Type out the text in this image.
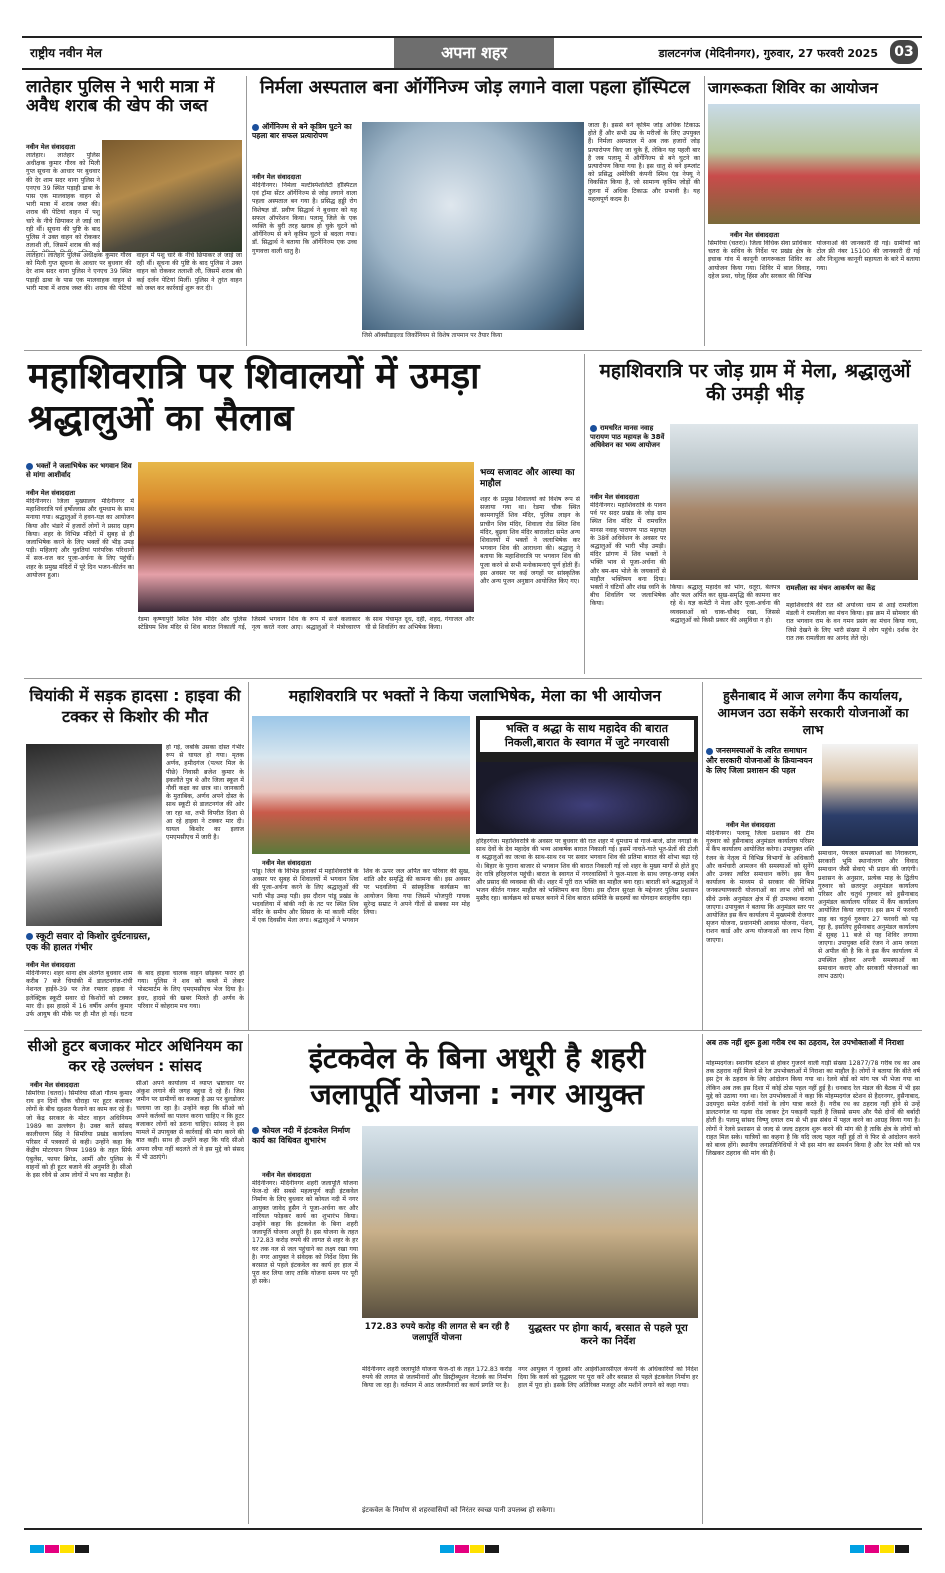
राष्ट्रीय नवीन मेल	अपना शहर	डालटनगंज (मेदिनीनगर), गुरुवार, 27 फरवरी 2025	03
लातेहार पुलिस ने भारी मात्रा में अवैध शराब की खेप की जब्त
नवीन मेल संवाददाता
लातेहार। लातेहार पुलिस अधीक्षक कुमार गौरव को मिली गुप्त सूचना के आधार पर बुधवार की देर शाम सदर थाना पुलिस ने एनएच 39 स्थित पड़ाही ढाबा के पास एक मालवाहक वाहन से भारी मात्रा में शराब जब्त की। शराब की पेटियां वाहन में पशु चारे के नीचे छिपाकर ले जाई जा रही थीं। सूचना की पुष्टि के बाद पुलिस ने उक्त वाहन को रोककर तलाशी ली, जिसमें शराब की कई
लातेहार। लातेहार पुलिस अधीक्षक कुमार गौरव को मिली गुप्त सूचना के आधार पर बुधवार की देर शाम सदर थाना पुलिस ने एनएच 39 स्थित पड़ाही ढाबा के पास एक मालवाहक वाहन से भारी मात्रा में शराब जब्त की। शराब की पेटियां वाहन में पशु चारे के नीचे छिपाकर ले जाई जा रही थीं। सूचना की पुष्टि के बाद पुलिस ने उक्त वाहन को रोककर तलाशी ली, जिसमें शराब की कई दर्जन पेटियां मिलीं। पुलिस ने तुरंत वाहन को जब्त कर कार्रवाई शुरू कर दी।
निर्मला अस्पताल बना ऑर्गेनिज्म जोड़ लगाने वाला पहला हॉस्पिटल
ऑर्गेनिज्म से बने कृत्रिम घुटने का पहला बार सफल प्रत्यारोपण
नवीन मेल संवाददाता
मेदिनीनगर। निर्मला मल्टीस्पेशलिटी हॉस्पिटल एवं ट्रॉमा सेंटर ऑर्गेनिज्म से जोड़ लगाने वाला पहला अस्पताल बन गया है। प्रसिद्ध हड्डी रोग विशेषज्ञ डॉ. प्रवीण सिद्धार्थ ने बुधवार को यह सफल ऑपरेशन किया। पलामू जिले के एक व्यक्ति के बुरी तरह खराब हो चुके घुटने को ऑर्गेनिज्म से बने कृत्रिम घुटने से बदला गया। डॉ. सिद्धार्थ ने बताया कि ऑर्गेनिज्म एक उच्च गुणवत्ता वाली धातु है।
जिसे ऑक्सीडाइज्ड जिर्कोनियम से विशेष तापमान पर तैयार किया
जाता है। इससे बने कृत्रिम जोड़ अधिक टिकाऊ होते हैं और सभी उम्र के मरीजों के लिए उपयुक्त हैं। निर्मला अस्पताल में अब तक हजारों जोड़ प्रत्यारोपण किए जा चुके हैं, लेकिन यह पहली बार है जब पलामू में ऑर्गेनिज्म से बने घुटने का प्रत्यारोपण किया गया है। इस धातु से बने इम्प्लांट को प्रसिद्ध अमेरिकी कंपनी स्मिथ एंड नेफ्यू ने विकसित किया है, जो सामान्य कृत्रिम जोड़ों की तुलना में अधिक टिकाऊ और प्रभावी है। यह महत्वपूर्ण कदम है।
जागरूकता शिविर का आयोजन
नवीन मेल संवाददाता
सिमरिया (चतरा)। जिला विधिक सेवा प्राधिकार चतरा के सचिव के निर्देश पर प्रखंड क्षेत्र के इचाक गांव में कानूनी जागरूकता शिविर का आयोजन किया गया। शिविर में बाल विवाह, दहेज प्रथा, घरेलू हिंसा और सरकार की विभिन्न योजनाओं की जानकारी दी गई। ग्रामीणों को टोल फ्री नंबर 15100 की जानकारी दी गई और निःशुल्क कानूनी सहायता के बारे में बताया गया।
महाशिवरात्रि पर शिवालयों में उमड़ा श्रद्धालुओं का सैलाब
भक्तों ने जलाभिषेक कर भगवान शिव से मांगा आशीर्वाद
नवीन मेल संवाददाता
मेदिनीनगर। जिला मुख्यालय मेदिनीनगर में महाशिवरात्रि पर्व हर्षोल्लास और धूमधाम के साथ मनाया गया। श्रद्धालुओं ने हवन-यज्ञ का आयोजन किया और भंडारे में हजारों लोगों ने प्रसाद ग्रहण किया। शहर के विभिन्न मंदिरों में सुबह से ही जलाभिषेक करने के लिए भक्तों की भीड़ उमड़ पड़ी। महिलाएं और युवतियां पारंपरिक परिधानों में सज-धज कर पूजा-अर्चना के लिए पहुंचीं। शहर के प्रमुख मंदिरों में पूरे दिन भजन-कीर्तन का आयोजन हुआ।
रेडमा कृष्णापुरी स्थित शिव मंदिर और पुलिस स्टेडियम शिव मंदिर से शिव बारात निकाली गई, जिसमें भगवान शिव के रूप में सजे कलाकार नृत्य करते नजर आए। श्रद्धालुओं ने मंत्रोच्चारण के साथ पंचामृत दूध, दही, शहद, गंगाजल और घी से शिवलिंग का अभिषेक किया।
भव्य सजावट और आस्था का माहौल
शहर के प्रमुख शिवालयों को विशेष रूप से सजाया गया था। रेडमा चौक स्थित कामनापूर्ति शिव मंदिर, पुलिस लाइन के प्राचीन शिव मंदिर, शिवाला रोड स्थित शिव मंदिर, बुढ़वा शिव मंदिर बारालोटा समेत अन्य शिवालयों में भक्तों ने जलाभिषेक कर भगवान शिव की आराधना की। श्रद्धालु ने बताया कि महाशिवरात्रि पर भगवान शिव की पूजा करने से सभी मनोकामनाएं पूर्ण होती हैं। इस अवसर पर कई जगहों पर सांस्कृतिक और अन्य पूजन अनुष्ठान आयोजित किए गए।
महाशिवरात्रि पर जोड़ ग्राम में मेला, श्रद्धालुओं की उमड़ी भीड़
रामचरित मानस नवाह पारायण पाठ महायज्ञ के 38वें अधिवेशन का भव्य आयोजन
नवीन मेल संवाददाता
मेदिनीनगर। महाशिवरात्रि के पावन पर्व पर सदर प्रखंड के जोड़ ग्राम स्थित शिव मंदिर में रामचरित मानस नवाह पारायण पाठ महायज्ञ के 38वें अधिवेशन के अवसर पर श्रद्धालुओं की भारी भीड़ उमड़ी। मंदिर प्रांगण में शिव भक्तों ने भक्ति भाव से पूजा-अर्चना की और बम-बम भोले के जयकारों से माहौल भक्तिमय बना दिया। भक्तों ने घंटियों और शंख ध्वनि के बीच शिवलिंग पर जलाभिषेक किया।
किया। श्रद्धालु महादेव को भांग, धतूरा, बेलपत्र और फल अर्पित कर सुख-समृद्धि की कामना कर रहे थे। यज्ञ कमेटी ने मेला और पूजा-अर्चना की व्यवस्थाओं को चाक-चौबंद रखा, जिससे श्रद्धालुओं को किसी प्रकार की असुविधा न हो।
रामलीला का मंचन आकर्षण का केंद्र
महाशिवरात्रि की रात श्री अयोध्या धाम से आई रामलीला मंडली ने रामलीला का मंचन किया। इस क्रम में सोमवार की रात भगवान राम के वन गमन प्रसंग का मंचन किया गया, जिसे देखने के लिए भारी संख्या में लोग पहुंचे। दर्शक देर रात तक रामलीला का आनंद लेते रहे।
चियांकी में सड़क हादसा : हाइवा की टक्कर से किशोर की मौत
हो गई, जबकि उसका दोस्त गंभीर रूप से घायल हो गया। मृतक अर्णव, हमीदगंज (पत्थर मिल के पीछे) निवासी ब्रजेश कुमार के इकलौते पुत्र थे और जिला स्कूल में नौवीं कक्षा का छात्र था। जानकारी के मुताबिक, अर्णव अपने दोस्त के साथ स्कूटी से डालटनगंज की ओर जा रहा था, तभी विपरीत दिशा से आ रहे हाइवा ने टक्कर मार दी। घायल किशोर का इलाज एमएमसीएच में जारी है।
स्कूटी सवार दो किशोर दुर्घटनाग्रस्त, एक की हालत गंभीर
नवीन मेल संवाददाता
मेदिनीनगर। शहर थाना क्षेत्र अंतर्गत बुधवार शाम करीब 7 बजे चियांकी में डालटनगंज-रांची नेशनल हाईवे-39 पर तेज रफ्तार हाइवा ने इलेक्ट्रिक स्कूटी सवार दो किशोरों को टक्कर मार दी। इस हादसे में 16 वर्षीय अर्णव कुमार उर्फ आयुष की मौके पर ही मौत हो गई। घटना के बाद हाइवा चालक वाहन छोड़कर फरार हो गया। पुलिस ने शव को कब्जे में लेकर पोस्टमार्टम के लिए एमएमसीएच भेज दिया है। इधर, हादसे की खबर मिलते ही अर्णव के परिवार में कोहराम मच गया।
महाशिवरात्रि पर भक्तों ने किया जलाभिषेक, मेला का भी आयोजन
नवीन मेल संवाददाता
पांडू। जिले के विभिन्न इलाकों में महाशिवरात्रि के अवसर पर सुबह से शिवालयों में भगवान शिव की पूजा-अर्चना करने के लिए श्रद्धालुओं की भारी भीड़ उमड़ पड़ी। इस दौरान पांडू प्रखंड के भदवलिया में बांकी नदी के तट पर स्थित शिव मंदिर के समीप और सिसरा के मां काली मंदिर में एक दिवसीय मेला लगा। श्रद्धालुओं ने भगवान शिव के ऊपर जल अर्पित कर परिवार की सुख, शांति और समृद्धि की कामना की। इस अवसर पर भदवलिया में सांस्कृतिक कार्यक्रम का आयोजन किया गया जिसमें भोजपुरी गायक सुरेन्द्र सम्राट ने अपने गीतों से सबका मन मोह लिया।
भक्ति व श्रद्धा के साथ महादेव की बारात निकली,बारात के स्वागत में जुटे नगरवासी
हरिहरगंज। महाशिवरात्रि के अवसर पर बुधवार की रात शहर में धूमधाम से गाजे-बाजे, ढोल नगाड़ों के साथ देवों के देव महादेव की भव्य आकर्षक बारात निकाली गई। इसमें नाचते-गाते भूत-प्रेतों की टोली व श्रद्धालुओं का जत्था के साथ-साथ रथ पर सवार भगवान शिव की प्रतिमा बारात की शोभा बढ़ा रहे थे। बिहार के पुराना बाजार से भगवान शिव की बारात निकाली गई जो शहर के मुख्य मार्गों से होते हुए देर रात्रि हरिहरगंज पहुंची। बारात के स्वागत में नगरवासियों ने फूल-माला के साथ जगह-जगह शर्बत और प्रसाद की व्यवस्था की थी। शहर में पूरी रात भक्ति का माहौल बना रहा। बाराती बने श्रद्धालुओं ने भजन कीर्तन गाकर माहौल को भक्तिमय बना दिया। इस दौरान सुरक्षा के मद्देनजर पुलिस प्रशासन मुस्तैद रहा। कार्यक्रम को सफल बनाने में शिव बारात समिति के सदस्यों का योगदान सराहनीय रहा।
हुसैनाबाद में आज लगेगा कैंप कार्यालय, आमजन उठा सकेंगे सरकारी योजनाओं का लाभ
जनसमस्याओं के त्वरित समाधान और सरकारी योजनाओं के क्रियान्वयन के लिए जिला प्रशासन की पहल
नवीन मेल संवाददाता
मेदिनीनगर। पलामू जिला प्रशासन की टीम गुरुवार को हुसैनाबाद अनुमंडल कार्यालय परिसर में कैंप कार्यालय आयोजित करेगा। उपायुक्त शशि रंजन के नेतृत्व में विभिन्न विभागों के अधिकारी और कर्मचारी आमजन की समस्याओं को सुनेंगे और उनका त्वरित समाधान करेंगे। इस कैंप कार्यालय के माध्यम से सरकार की विभिन्न जनकल्याणकारी योजनाओं का लाभ लोगों को सीधे उनके अनुमंडल क्षेत्र में ही उपलब्ध कराया जाएगा। उपायुक्त ने बताया कि अनुमंडल स्तर पर आयोजित इस कैंप कार्यालय में मुख्यमंत्री रोजगार सृजन योजना, प्रधानमंत्री आवास योजना, पेंशन, राशन कार्ड और अन्य योजनाओं का लाभ दिया जाएगा।
समाधान, पेयजल समस्याओं का निराकरण, सरकारी भूमि स्थानांतरण और विवाद समाधान जैसी सेवाएं भी प्रदान की जाएंगी। प्रशासन के अनुसार, प्रत्येक माह के द्वितीय गुरुवार को छतरपुर अनुमंडल कार्यालय परिसर और चतुर्थ गुरुवार को हुसैनाबाद अनुमंडल कार्यालय परिसर में कैंप कार्यालय आयोजित किया जाएगा। इस क्रम में फरवरी माह का चतुर्थ गुरुवार 27 फरवरी को पड़ रहा है, इसलिए हुसैनाबाद अनुमंडल कार्यालय में सुबह 11 बजे से यह शिविर लगाया जाएगा। उपायुक्त शशि रंजन ने आम जनता से अपील की है कि वे इस कैंप कार्यालय में उपस्थित होकर अपनी समस्याओं का समाधान कराएं और सरकारी योजनाओं का लाभ उठाएं।
सीओ हुटर बजाकर मोटर अधिनियम का कर रहे उल्लंघन : सांसद
नवीन मेल संवाददाता
सिमरिया (चतरा)। सिमरिया सीओ गौतम कुमार राय इन दिनों चौक चौराहा पर हूटर बजाकर लोगों के बीच दहशत फैलाने का काम कर रहे हैं। जो केंद्र सरकार के मोटर वाहन अधिनियम 1989 का उल्लंघन है। उक्त बातें सांसद कालीचरण सिंह ने सिमरिया प्रखंड कार्यालय परिसर में पत्रकारों से कही। उन्होंने कहा कि केंद्रीय मोटरयान नियम 1989 के तहत सिर्फ एंबुलेंस, फायर ब्रिगेड, आर्मी और पुलिस के वाहनों को ही हूटर बजाने की अनुमति है। सीओ के इस रवैये से आम लोगों में भय का माहौल है।
सीओ अपने कार्यालय में व्याप्त भ्रष्टाचार पर अंकुश लगाने की जगह बहुधा दे रहे हैं। जिस जमीन पर ग्रामीणों का कब्जा है उस पर बुलडोजर चलाया जा रहा है। उन्होंने कहा कि सीओ को अपने कर्तव्यों का पालन करना चाहिए न कि हूटर बजाकर लोगों को डराना चाहिए। सांसद ने इस मामले में उपायुक्त से कार्रवाई की मांग करने की बात कही। साथ ही उन्होंने कहा कि यदि सीओ अपना रवैया नहीं बदलते तो वे इस मुद्दे को संसद में भी उठाएंगे।
इंटकवेल के बिना अधूरी है शहरी जलापूर्ति योजना : नगर आयुक्त
कोयल नदी में इंटकवेल निर्माण कार्य का विधिवत शुभारंभ
नवीन मेल संवाददाता
मेदिनीनगर। मेदिनीनगर शहरी जलापूर्ति योजना फेज-दो की सबसे महत्वपूर्ण कड़ी इंटकवेल निर्माण के लिए बुधवार को कोयल नदी में नगर आयुक्त जावेद हुसैन ने पूजा-अर्चना कर और नारियल फोड़कर कार्य का शुभारंभ किया। उन्होंने कहा कि इंटकवेल के बिना शहरी जलापूर्ति योजना अधूरी है। इस योजना के तहत 172.83 करोड़ रुपये की लागत से शहर के हर घर तक नल से जल पहुंचाने का लक्ष्य रखा गया है। नगर आयुक्त ने संवेदक को निर्देश दिया कि बरसात से पहले इंटकवेल का कार्य हर हाल में पूरा कर लिया जाए ताकि योजना समय पर पूरी हो सके।
172.83 रुपये करोड़ की लागत से बन रही है जलापूर्ति योजना
मेदिनीनगर शहरी जलापूर्ति योजना फेज-दो के तहत 172.83 करोड़ रुपये की लागत से जलमीनारों और डिस्ट्रीब्यूशन नेटवर्क का निर्माण किया जा रहा है। वर्तमान में आठ जलमीनारों का कार्य प्रगति पर है।
युद्धस्तर पर होगा कार्य, बरसात से पहले पूरा करने का निर्देश
नगर आयुक्त ने जुडको और आईवीआरसीएल कंपनी के अधिकारियों को निर्देश दिया कि कार्य को युद्धस्तर पर पूरा करें और बरसात से पहले इंटकवेल निर्माण हर हाल में पूरा हो। इसके लिए अतिरिक्त मजदूर और मशीनें लगाने को कहा गया।
इंटकवेल के निर्माण से शहरवासियों को निरंतर स्वच्छ पानी उपलब्ध हो सकेगा।
अब तक नहीं शुरू हुआ गरीब रथ का ठहराव, रेल उपभोक्ताओं में निराशा
मोहम्मदगंज। स्थानीय स्टेशन से होकर गुजरने वाली गाड़ी संख्या 12877/78 गरीब रथ का अब तक ठहराव नहीं मिलने से रेल उपभोक्ताओं में निराशा का माहौल है। लोगों ने बताया कि बीते वर्ष इस ट्रेन के ठहराव के लिए आंदोलन किया गया था। रेलवे बोर्ड को मांग पत्र भी भेजा गया था लेकिन अब तक इस दिशा में कोई ठोस पहल नहीं हुई है। धनबाद रेल मंडल की बैठक में भी इस मुद्दे को उठाया गया था। रेल उपभोक्ताओं ने कहा कि मोहम्मदगंज स्टेशन से हैदरनगर, हुसैनाबाद, उदयपुरा समेत दर्जनों गांवों के लोग यात्रा करते हैं। गरीब रथ का ठहराव नहीं होने से उन्हें डालटनगंज या गढ़वा रोड जाकर ट्रेन पकड़नी पड़ती है जिससे समय और पैसे दोनों की बर्बादी होती है। पलामू सांसद विष्णु दयाल राम से भी इस संबंध में पहल करने का आग्रह किया गया है। लोगों ने रेलवे प्रशासन से जल्द से जल्द ठहराव शुरू करने की मांग की है ताकि क्षेत्र के लोगों को राहत मिल सके। यात्रियों का कहना है कि यदि जल्द पहल नहीं हुई तो वे फिर से आंदोलन करने को बाध्य होंगे। स्थानीय जनप्रतिनिधियों ने भी इस मांग का समर्थन किया है और रेल मंत्री को पत्र लिखकर ठहराव की मांग की है।
